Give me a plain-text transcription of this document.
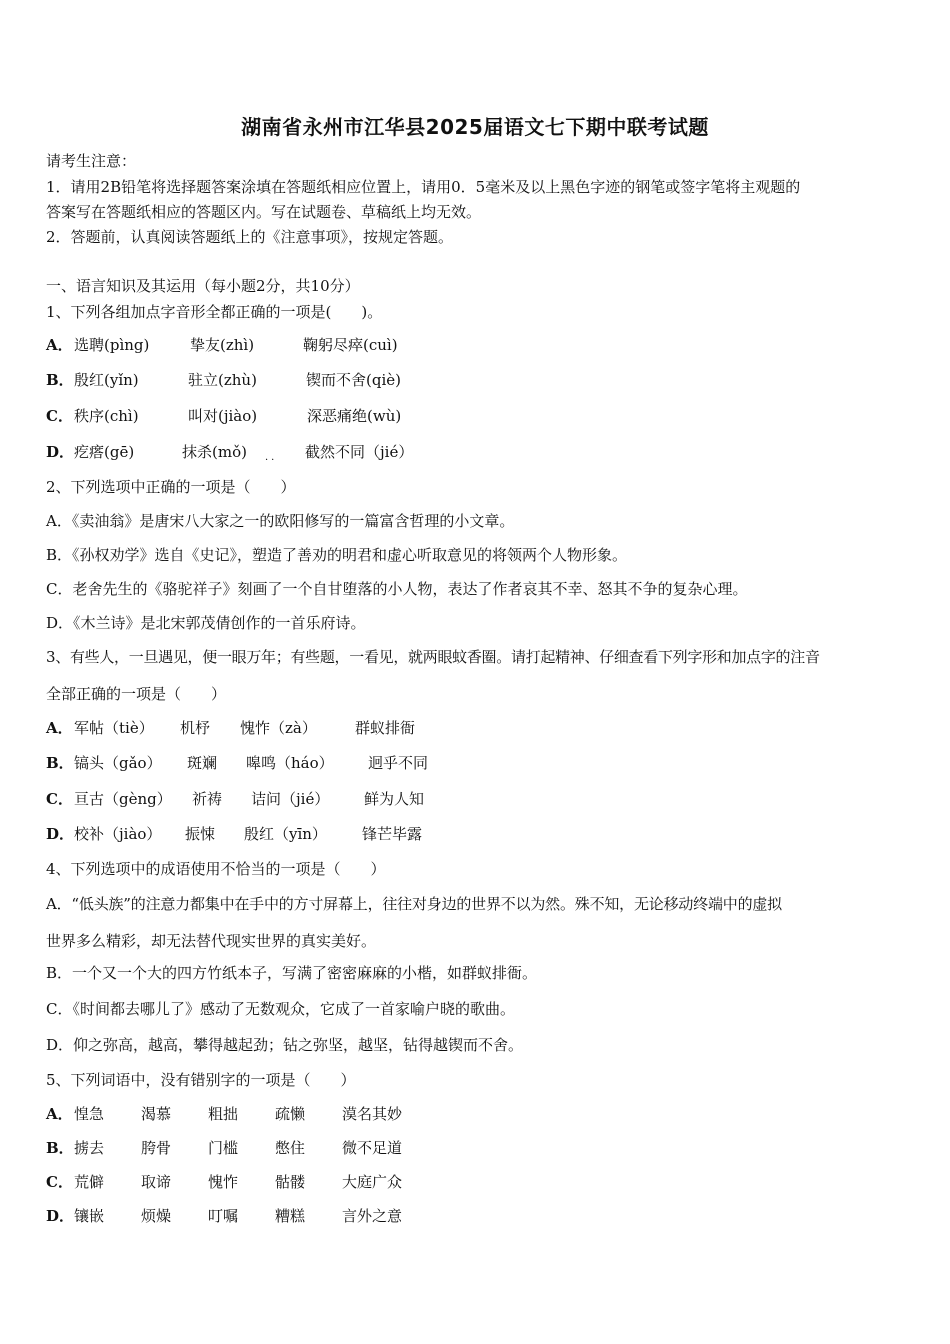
湖南省永州市江华县2025届语文七下期中联考试题
请考生注意：
1．请用2B铅笔将选择题答案涂填在答题纸相应位置上，请用0．5毫米及以上黑色字迹的钢笔或签字笔将主观题的
答案写在答题纸相应的答题区内。写在试题卷、草稿纸上均无效。
2．答题前，认真阅读答题纸上的《注意事项》，按规定答题。
一、语言知识及其运用（每小题2分，共10分）
1、下列各组加点字音形全都正确的一项是(　　)。
A． 选聘(pìng)	挚友(zhì)	鞠躬尽瘁(cuì)
B． 殷红(yǐn)	驻立(zhù)	锲而不舍(qiè)
C． 秩序(chì)	叫对(jiào)	深恶痛绝(wù)
D． 疙瘩(gē)	抹杀(mǒ)	截然不同（jié）
··
2、下列选项中正确的一项是（　　）
A．《卖油翁》是唐宋八大家之一的欧阳修写的一篇富含哲理的小文章。
B．《孙权劝学》选自《史记》，塑造了善劝的明君和虚心听取意见的将领两个人物形象。
C．老舍先生的《骆驼祥子》刻画了一个自甘堕落的小人物，表达了作者哀其不幸、怒其不争的复杂心理。
D．《木兰诗》是北宋郭茂倩创作的一首乐府诗。
3、有些人，一旦遇见，便一眼万年；有些题，一看见，就两眼蚊香圈。请打起精神、仔细查看下列字形和加点字的注音
全部正确的一项是（　　）
A． 军帖（tiè） 机杼 愧怍（zà）	群蚁排衙
B． 镐头（gǎo） 斑斓 嗥鸣（háo） 迥乎不同
C． 亘古（gèng） 祈祷 诘问（jié） 鲜为人知
D． 校补（jiào） 振悚 殷红（yīn） 锋芒毕露
4、下列选项中的成语使用不恰当的一项是（　　）
A．“低头族”的注意力都集中在手中的方寸屏幕上，往往对身边的世界不以为然。殊不知，无论移动终端中的虚拟
世界多么精彩，却无法替代现实世界的真实美好。
B．一个又一个大的四方竹纸本子，写满了密密麻麻的小楷，如群蚁排衙。
C．《时间都去哪儿了》感动了无数观众，它成了一首家喻户晓的歌曲。
D．仰之弥高，越高，攀得越起劲；钻之弥坚，越坚，钻得越锲而不舍。
5、下列词语中，没有错别字的一项是（　　）
A． 惶急 渴慕 粗拙 疏懒 漠名其妙
B． 掳去 胯骨 门槛 憋住 微不足道
C． 荒僻 取谛 愧怍 骷髅 大庭广众
D． 镶嵌 烦燥 叮嘱 糟糕 言外之意
